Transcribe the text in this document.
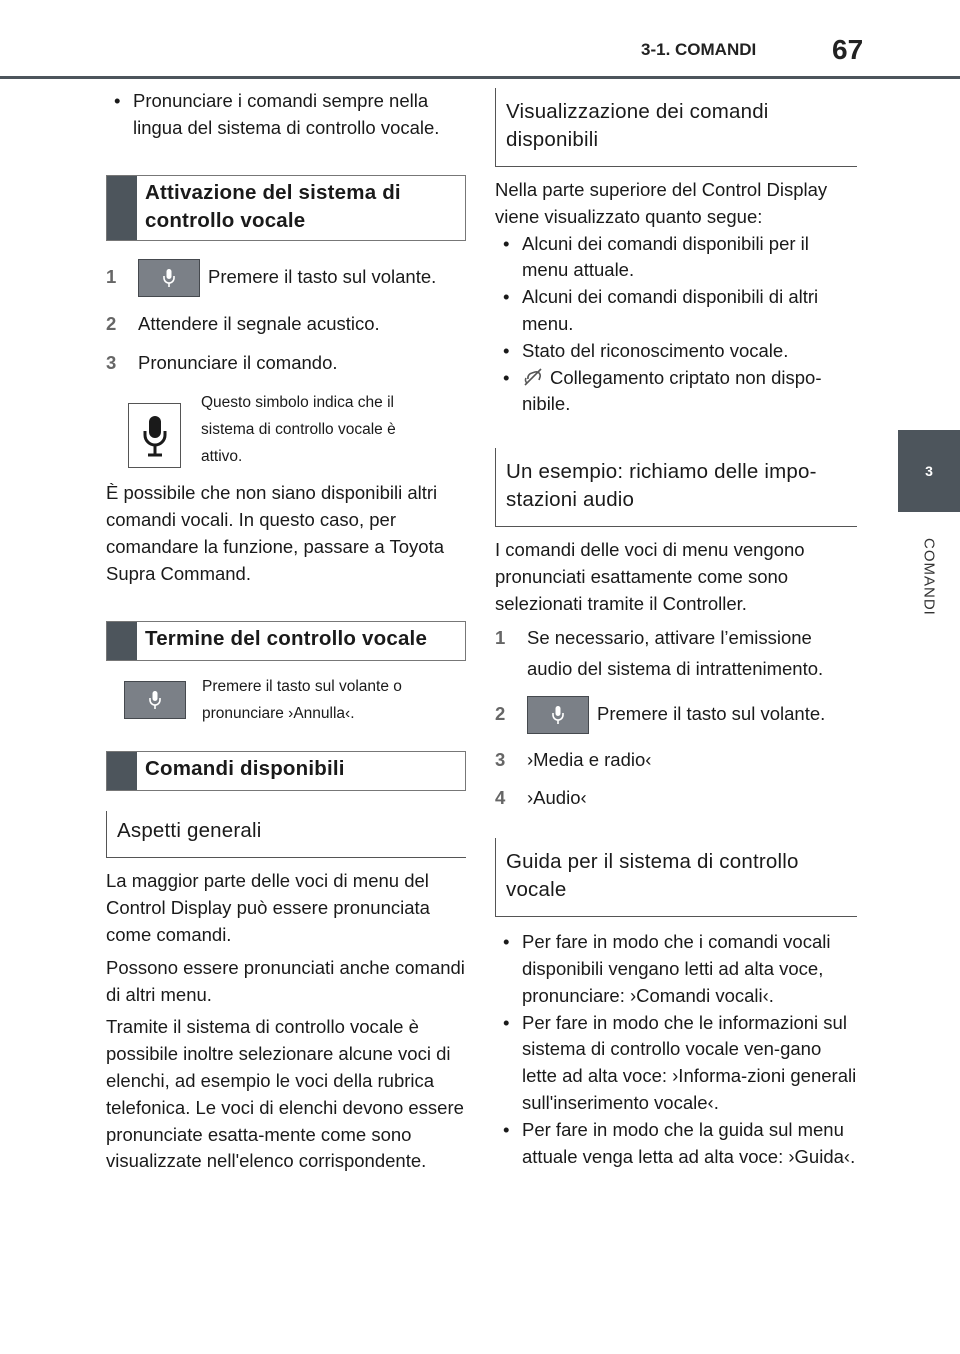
3-1. COMANDI	67
3
COMANDI
• Pronunciare i comandi sempre nella lingua del sistema di controllo vocale.
Attivazione del sistema di controllo vocale
1	Premere il tasto sul volante.
2	Attendere il segnale acustico.
3	Pronunciare il comando.
Questo simbolo indica che il sistema di controllo vocale è attivo.
È possibile che non siano disponibili altri comandi vocali. In questo caso, per comandare la funzione, passare a Toyota Supra Command.
Termine del controllo vocale
Premere il tasto sul volante o pronunciare ›Annulla‹.
Comandi disponibili
Aspetti generali
La maggior parte delle voci di menu del Control Display può essere pronunciata come comandi.
Possono essere pronunciati anche comandi di altri menu.
Tramite il sistema di controllo vocale è possibile inoltre selezionare alcune voci di elenchi, ad esempio le voci della rubrica telefonica. Le voci di elenchi devono essere pronunciate esatta-mente come sono visualizzate nell'elenco corrispondente.
Visualizzazione dei comandi disponibili
Nella parte superiore del Control Display viene visualizzato quanto segue:
• Alcuni dei comandi disponibili per il menu attuale.
• Alcuni dei comandi disponibili di altri menu.
• Stato del riconoscimento vocale.
• Collegamento criptato non dispo-nibile.
Un esempio: richiamo delle impo-stazioni audio
I comandi delle voci di menu vengono pronunciati esattamente come sono selezionati tramite il Controller.
1	Se necessario, attivare l’emissione audio del sistema di intrattenimento.
2	Premere il tasto sul volante.
3	›Media e radio‹
4	›Audio‹
Guida per il sistema di controllo vocale
• Per fare in modo che i comandi vocali disponibili vengano letti ad alta voce, pronunciare: ›Comandi vocali‹.
• Per fare in modo che le informazioni sul sistema di controllo vocale ven-gano lette ad alta voce: ›Informa-zioni generali sull'inserimento vocale‹.
• Per fare in modo che la guida sul menu attuale venga letta ad alta voce: ›Guida‹.
